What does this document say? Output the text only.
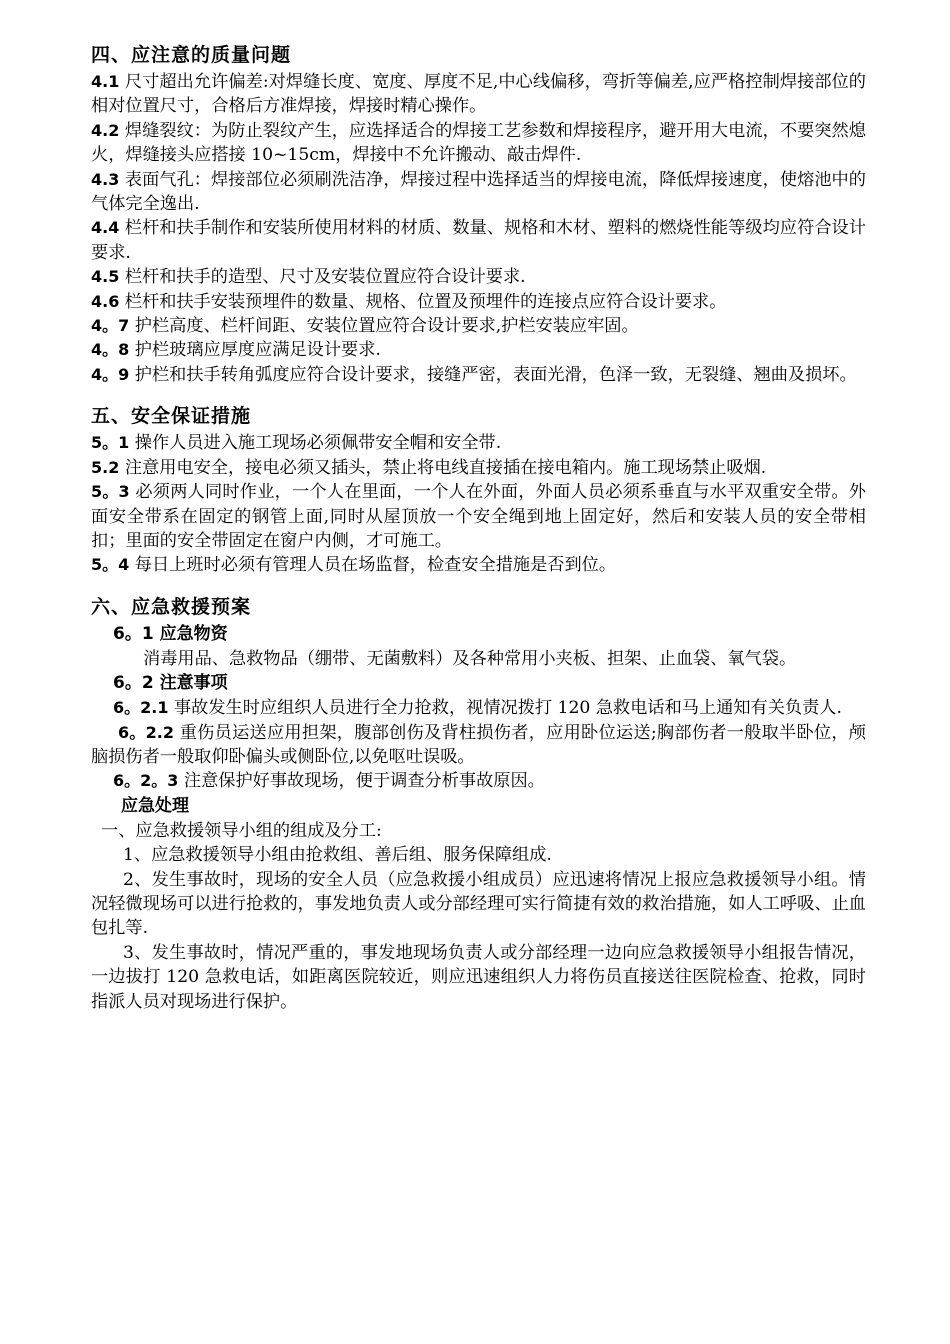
四、应注意的质量问题

4.1 尺寸超出允许偏差:对焊缝长度、宽度、厚度不足,中心线偏移，弯折等偏差,应严格控制焊接部位的相对位置尺寸，合格后方准焊接，焊接时精心操作。

4.2 焊缝裂纹：为防止裂纹产生，应选择适合的焊接工艺参数和焊接程序，避开用大电流，不要突然熄火，焊缝接头应搭接 10~15cm，焊接中不允许搬动、敲击焊件.

4.3 表面气孔：焊接部位必须刷洗洁净，焊接过程中选择适当的焊接电流，降低焊接速度，使熔池中的气体完全逸出.

4.4 栏杆和扶手制作和安装所使用材料的材质、数量、规格和木材、塑料的燃烧性能等级均应符合设计要求.

4.5 栏杆和扶手的造型、尺寸及安装位置应符合设计要求.

4.6 栏杆和扶手安装预埋件的数量、规格、位置及预埋件的连接点应符合设计要求。

4。7 护栏高度、栏杆间距、安装位置应符合设计要求,护栏安装应牢固。

4。8 护栏玻璃应厚度应满足设计要求.

4。9 护栏和扶手转角弧度应符合设计要求，接缝严密，表面光滑，色泽一致，无裂缝、翘曲及损坏。

五、安全保证措施

5。1 操作人员进入施工现场必须佩带安全帽和安全带.

5.2 注意用电安全，接电必须又插头，禁止将电线直接插在接电箱内。施工现场禁止吸烟.

5。3 必须两人同时作业，一个人在里面，一个人在外面，外面人员必须系垂直与水平双重安全带。外面安全带系在固定的钢管上面,同时从屋顶放一个安全绳到地上固定好，然后和安装人员的安全带相扣；里面的安全带固定在窗户内侧，才可施工。

5。4 每日上班时必须有管理人员在场监督，检查安全措施是否到位。

六、应急救援预案

6。1 应急物资

消毒用品、急救物品（绷带、无菌敷料）及各种常用小夹板、担架、止血袋、氧气袋。

6。2 注意事项

6。2.1 事故发生时应组织人员进行全力抢救，视情况拨打 120 急救电话和马上通知有关负责人.

6。2.2 重伤员运送应用担架，腹部创伤及背柱损伤者，应用卧位运送;胸部伤者一般取半卧位，颅脑损伤者一般取仰卧偏头或侧卧位,以免呕吐误吸。

6。2。3 注意保护好事故现场，便于调查分析事故原因。

应急处理

一、应急救援领导小组的组成及分工:

1、应急救援领导小组由抢救组、善后组、服务保障组成.

2、发生事故时，现场的安全人员（应急救援小组成员）应迅速将情况上报应急救援领导小组。情况轻微现场可以进行抢救的，事发地负责人或分部经理可实行简捷有效的救治措施，如人工呼吸、止血包扎等.

3、发生事故时，情况严重的，事发地现场负责人或分部经理一边向应急救援领导小组报告情况，一边拔打 120 急救电话，如距离医院较近，则应迅速组织人力将伤员直接送往医院检查、抢救，同时指派人员对现场进行保护。
